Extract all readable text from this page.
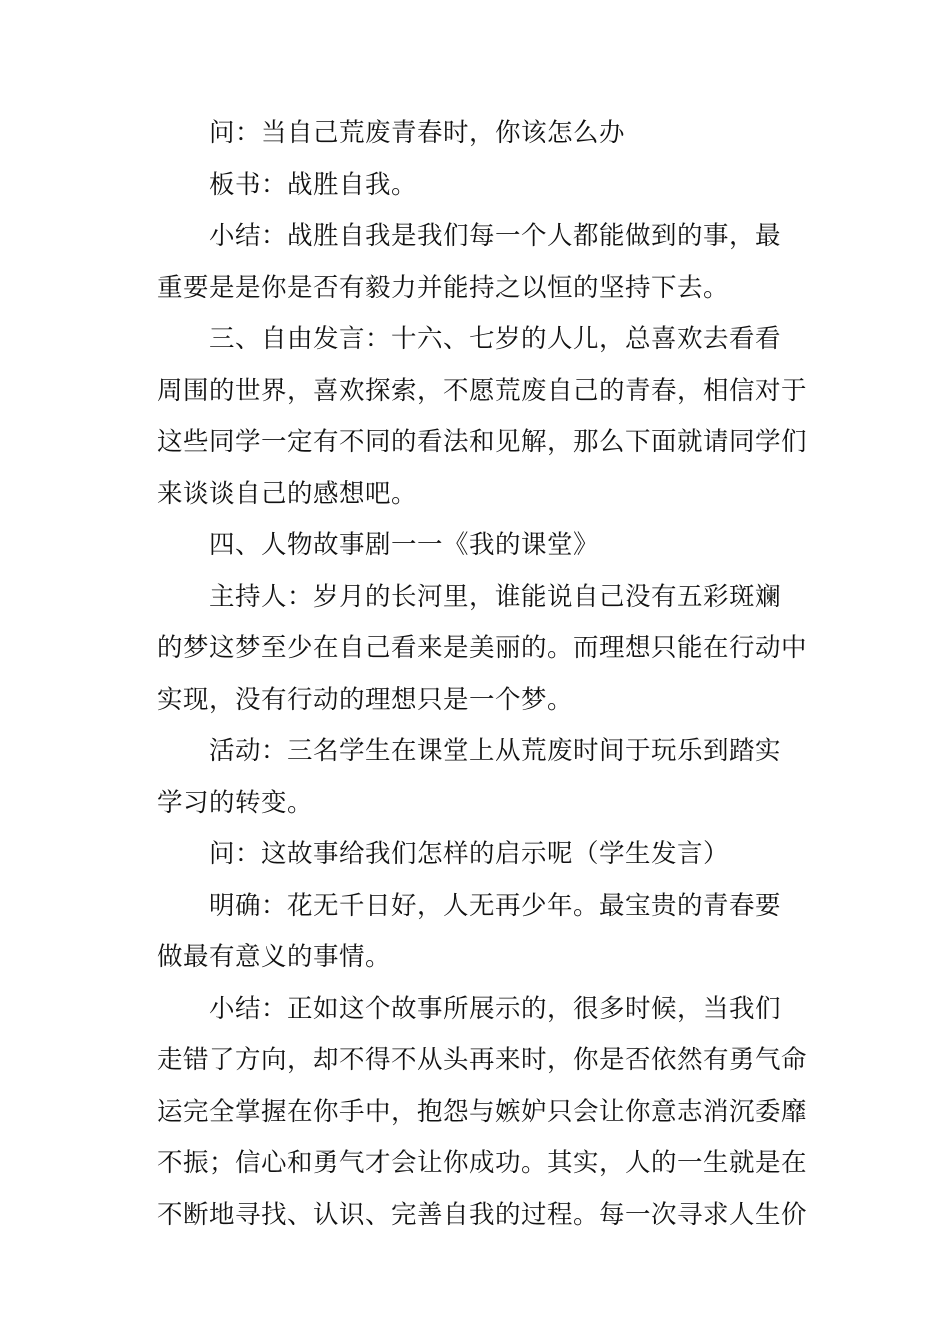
问：当自己荒废青春时，你该怎么办

板书：战胜自我。

小结：战胜自我是我们每一个人都能做到的事，最
重要是是你是否有毅力并能持之以恒的坚持下去。

三、自由发言：十六、七岁的人儿，总喜欢去看看
周围的世界，喜欢探索，不愿荒废自己的青春，相信对于
这些同学一定有不同的看法和见解，那么下面就请同学们
来谈谈自己的感想吧。

四、人物故事剧一一《我的课堂》

主持人：岁月的长河里，谁能说自己没有五彩斑斓
的梦这梦至少在自己看来是美丽的。而理想只能在行动中
实现，没有行动的理想只是一个梦。

活动：三名学生在课堂上从荒废时间于玩乐到踏实
学习的转变。

问：这故事给我们怎样的启示呢（学生发言）

明确：花无千日好，人无再少年。最宝贵的青春要
做最有意义的事情。

小结：正如这个故事所展示的，很多时候，当我们
走错了方向，却不得不从头再来时，你是否依然有勇气命
运完全掌握在你手中，抱怨与嫉妒只会让你意志消沉委靡
不振；信心和勇气才会让你成功。其实，人的一生就是在
不断地寻找、认识、完善自我的过程。每一次寻求人生价
